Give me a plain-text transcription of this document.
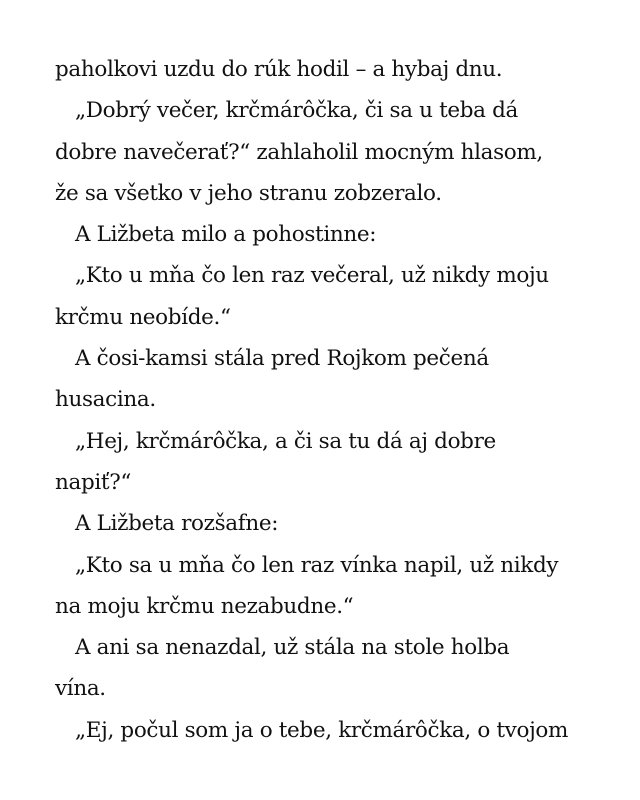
paholkovi uzdu do rúk hodil – a hybaj dnu.
„Dobrý večer, krčmárôčka, či sa u teba dá
dobre navečerať?“ zahlaholil mocným hlasom,
že sa všetko v jeho stranu zobzeralo.
A Ližbeta milo a pohostinne:
„Kto u mňa čo len raz večeral, už nikdy moju
krčmu neobíde.“
A čosi-kamsi stála pred Rojkom pečená
husacina.
„Hej, krčmárôčka, a či sa tu dá aj dobre
napiť?“
A Ližbeta rozšafne:
„Kto sa u mňa čo len raz vínka napil, už nikdy
na moju krčmu nezabudne.“
A ani sa nenazdal, už stála na stole holba
vína.
„Ej, počul som ja o tebe, krčmárôčka, o tvojom
